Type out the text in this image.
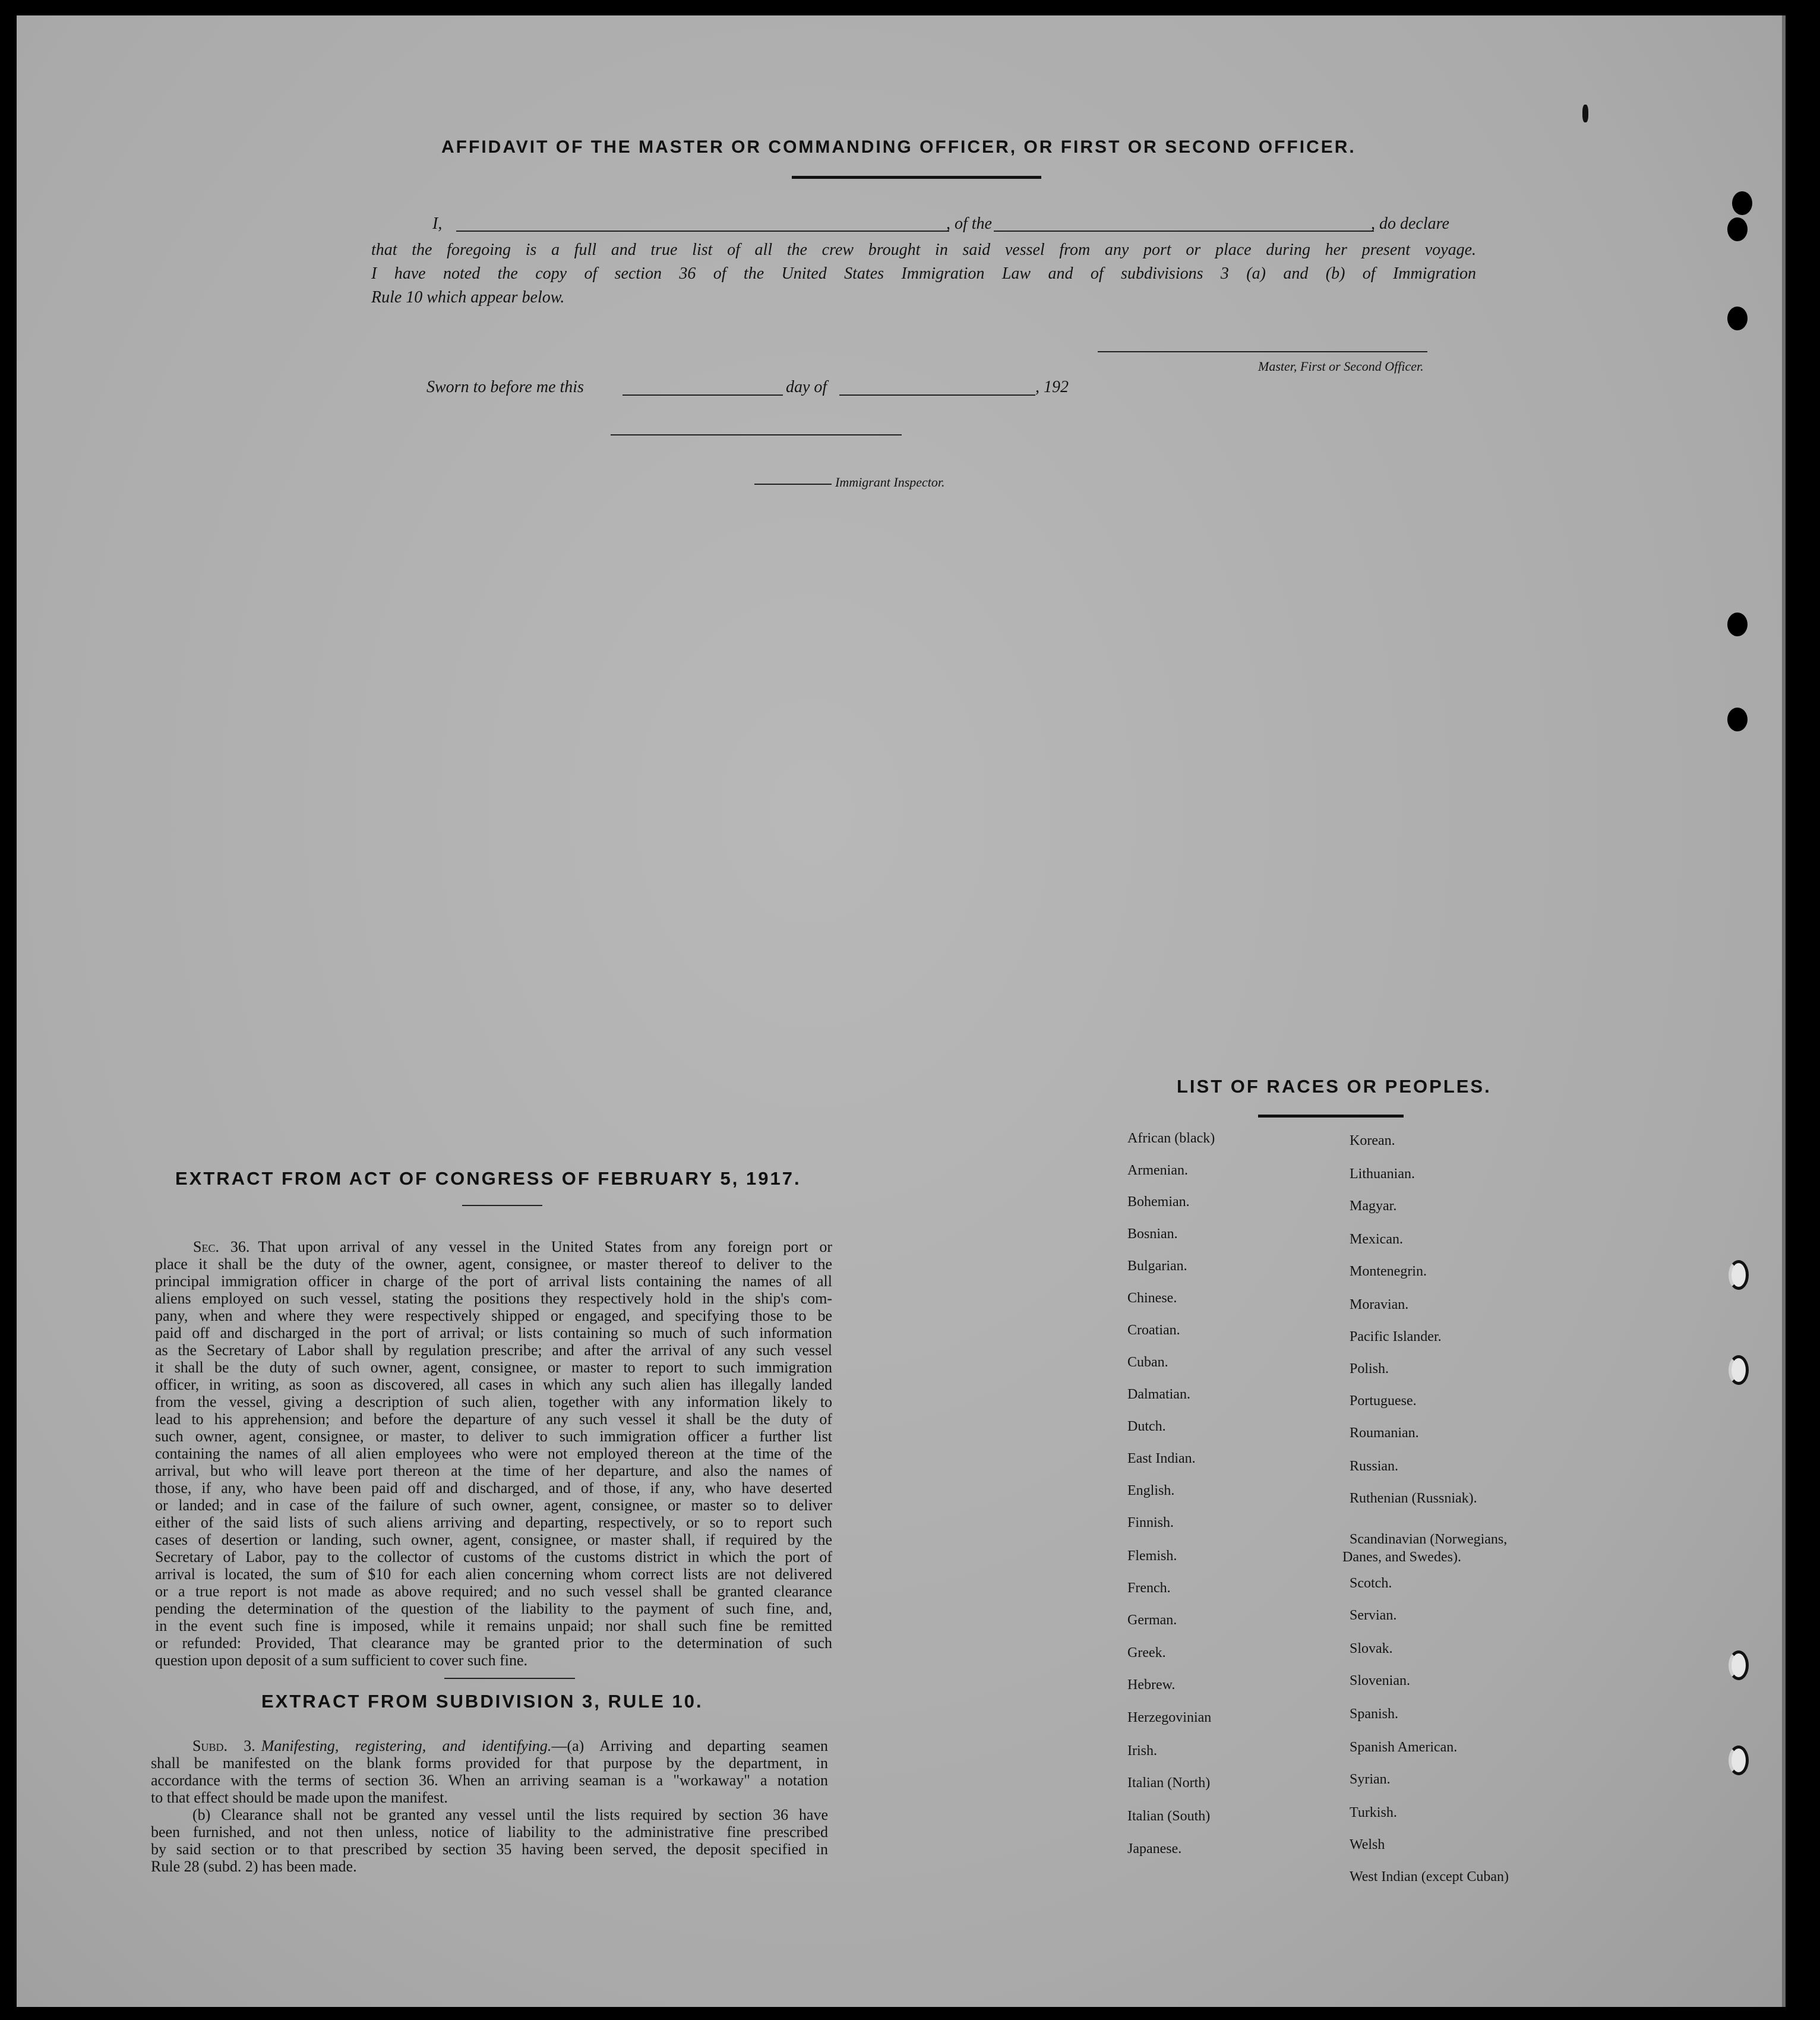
AFFIDAVIT OF THE MASTER OR COMMANDING OFFICER, OR FIRST OR SECOND OFFICER.
I,	, of the	, do declare
that the foregoing is a full and true list of all the crew brought in said vessel from any port or place during her present voyage.
I have noted the copy of section 36 of the United States Immigration Law and of subdivisions 3 (a) and (b) of Immigration
Rule 10 which appear below.
Master, First or Second Officer.
Sworn to before me this	day of	, 192
Immigrant Inspector.
EXTRACT FROM ACT OF CONGRESS OF FEBRUARY 5, 1917.
Sec. 36. That upon arrival of any vessel in the United States from any foreign port or
place it shall be the duty of the owner, agent, consignee, or master thereof to deliver to the
principal immigration officer in charge of the port of arrival lists containing the names of all
aliens employed on such vessel, stating the positions they respectively hold in the ship's com-
pany, when and where they were respectively shipped or engaged, and specifying those to be
paid off and discharged in the port of arrival; or lists containing so much of such information
as the Secretary of Labor shall by regulation prescribe; and after the arrival of any such vessel
it shall be the duty of such owner, agent, consignee, or master to report to such immigration
officer, in writing, as soon as discovered, all cases in which any such alien has illegally landed
from the vessel, giving a description of such alien, together with any information likely to
lead to his apprehension; and before the departure of any such vessel it shall be the duty of
such owner, agent, consignee, or master, to deliver to such immigration officer a further list
containing the names of all alien employees who were not employed thereon at the time of the
arrival, but who will leave port thereon at the time of her departure, and also the names of
those, if any, who have been paid off and discharged, and of those, if any, who have deserted
or landed; and in case of the failure of such owner, agent, consignee, or master so to deliver
either of the said lists of such aliens arriving and departing, respectively, or so to report such
cases of desertion or landing, such owner, agent, consignee, or master shall, if required by the
Secretary of Labor, pay to the collector of customs of the customs district in which the port of
arrival is located, the sum of $10 for each alien concerning whom correct lists are not delivered
or a true report is not made as above required; and no such vessel shall be granted clearance
pending the determination of the question of the liability to the payment of such fine, and,
in the event such fine is imposed, while it remains unpaid; nor shall such fine be remitted
or refunded: Provided, That clearance may be granted prior to the determination of such
question upon deposit of a sum sufficient to cover such fine.
EXTRACT FROM SUBDIVISION 3, RULE 10.
Subd. 3. Manifesting, registering, and identifying.—(a) Arriving and departing seamen
shall be manifested on the blank forms provided for that purpose by the department, in
accordance with the terms of section 36. When an arriving seaman is a "workaway" a notation
to that effect should be made upon the manifest.
(b) Clearance shall not be granted any vessel until the lists required by section 36 have
been furnished, and not then unless, notice of liability to the administrative fine prescribed
by said section or to that prescribed by section 35 having been served, the deposit specified in
Rule 28 (subd. 2) has been made.
LIST OF RACES OR PEOPLES.
African (black)
Armenian.
Bohemian.
Bosnian.
Bulgarian.
Chinese.
Croatian.
Cuban.
Dalmatian.
Dutch.
East Indian.
English.
Finnish.
Flemish.
French.
German.
Greek.
Hebrew.
Herzegovinian
Irish.
Italian (North)
Italian (South)
Japanese.
Korean.
Lithuanian.
Magyar.
Mexican.
Montenegrin.
Moravian.
Pacific Islander.
Polish.
Portuguese.
Roumanian.
Russian.
Ruthenian (Russniak).
Scandinavian (Norwegians,
Scotch.
Servian.
Slovak.
Slovenian.
Spanish.
Spanish American.
Syrian.
Turkish.
Welsh
West Indian (except Cuban)
Danes, and Swedes).
